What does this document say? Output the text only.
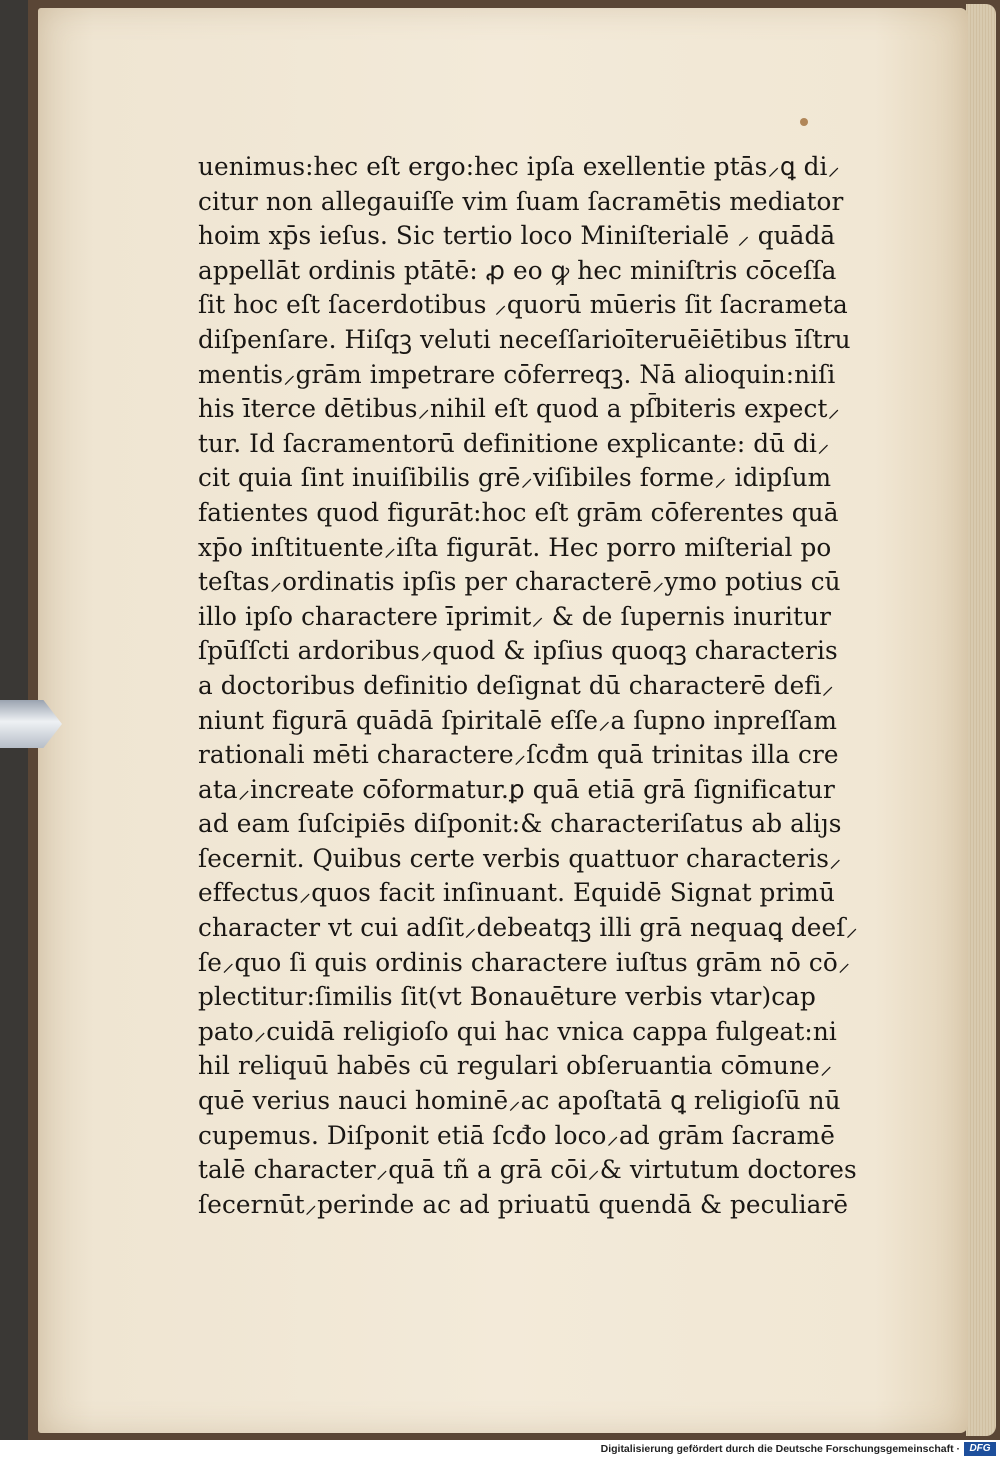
uenimus:hec eſt ergo:hec ipſa exellentie ptās⸝ꝗ di⸝
citur non allegauiſſe vim ſuam ſacramētis mediator
hoim xp̄s ieſus. Sic tertio loco Miniſterialē ⸝ quādā
appellāt ordinis ptātē: ꝓ eo ꝙ hec miniſtris cōceſſa
ſit hoc eſt ſacerdotibus ⸝quorū mūeris ſit ſacrameta
diſpenſare. Hiſqꝫ veluti neceſſarioīteruēiētibus īſtru
mentis⸝grām impetrare cōferreqꝫ. Nā alioquin:niſi
his īterce dētibus⸝nihil eſt quod a pſ̄biteris expect⸝
tur. Id ſacramentorū definitione explicante: dū di⸝
cit quia ſint inuiſibilis grē⸝viſibiles forme⸝ idipſum
fatientes quod figurāt:hoc eſt grām cōferentes quā
xp̄o inſtituente⸝iſta figurāt. Hec porro miſterial po
teſtas⸝ordinatis ipſis per characterē⸝ymo potius cū
illo ipſo charactere īprimit⸝ & de ſupernis inuritur
ſpūſſcti ardoribus⸝quod & ipſius quoqꝫ characteris
a doctoribus definitio deſignat dū characterē defi⸝
niunt figurā quādā ſpiritalē eſſe⸝a ſupno inpreſſam
rationali mēti charactere⸝ſcđm quā trinitas illa cre
ata⸝increate cōformatur.ꝑ quā etiā grā ſignificatur
ad eam ſuſcipiēs diſponit:& characteriſatus ab aliȷs
ſecernit. Quibus certe verbis quattuor characteris⸝
effectus⸝quos facit inſinuant. Equidē Signat primū
character vt cui adſit⸝debeatqꝫ illi grā nequaꝗ deeſ⸝
ſe⸝quo ſi quis ordinis charactere iuſtus grām nō cō⸝
plectitur:ſimilis ſit(vt Bonauēture verbis vtar)cap
pato⸝cuidā religioſo qui hac vnica cappa fulgeat:ni
hil reliquū habēs cū regulari obſeruantia cōmune⸝
quē verius nauci hominē⸝ac apoſtatā ꝗ religioſū nū
cupemus. Diſponit etiā ſcđo loco⸝ad grām ſacramē
talē character⸝quā tñ a grā cōi⸝& virtutum doctores
ſecernūt⸝perinde ac ad priuatū quendā & peculiarē
Digitalisierung gefördert durch die Deutsche Forschungsgemeinschaft · DFG
